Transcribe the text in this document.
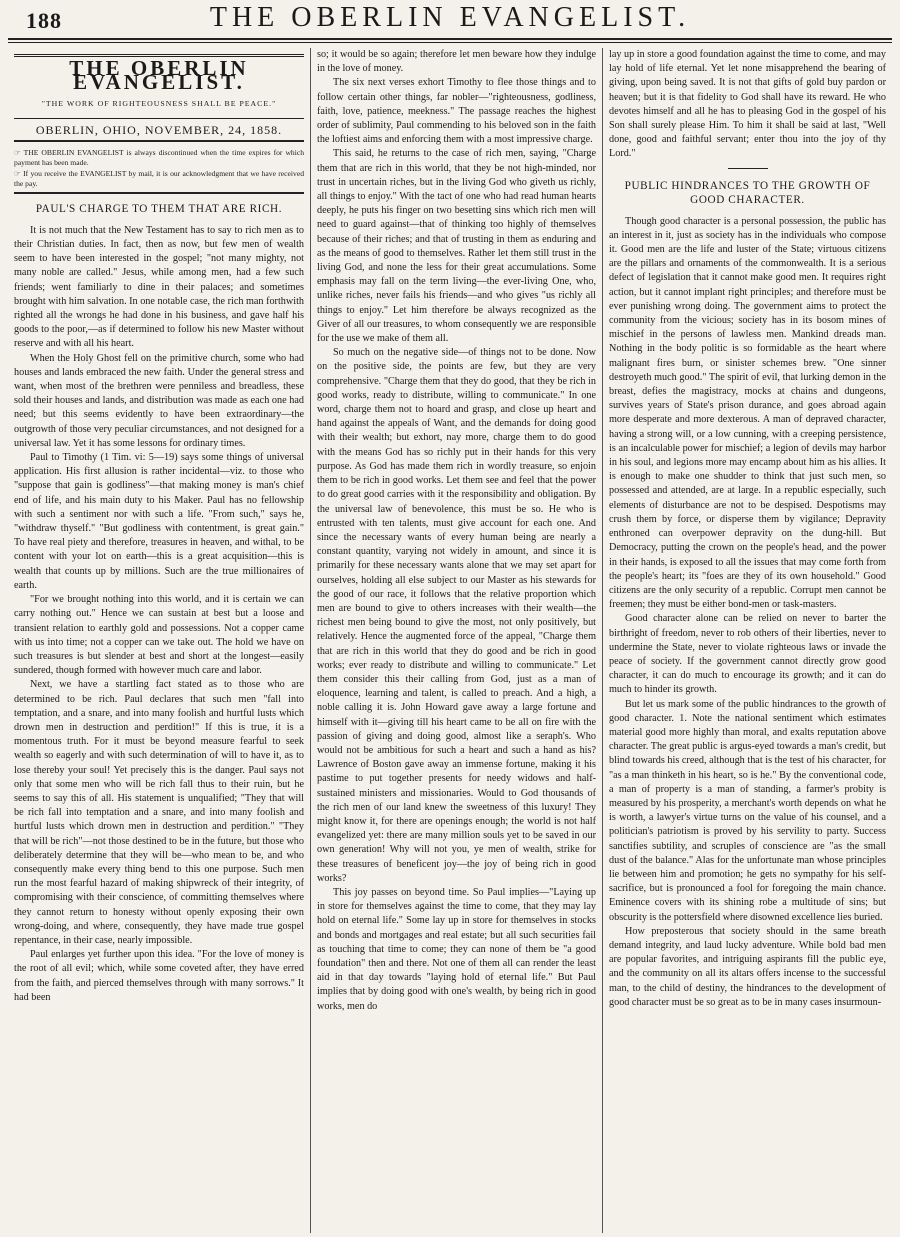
188	THE OBERLIN EVANGELIST.
THE OBERLIN EVANGELIST.
"THE WORK OF RIGHTEOUSNESS SHALL BE PEACE."
OBERLIN, OHIO, NOVEMBER, 24, 1858.

☞ THE OBERLIN EVANGELIST is always discontinued when the time expires for which payment has been made.

☞ If you receive the EVANGELIST by mail, it is our acknowledgment that we have received the pay.

PAUL'S CHARGE TO THEM THAT ARE RICH.

It is not much that the New Testament has to say to rich men as to their Christian duties. In fact, then as now, but few men of wealth seem to have been interested in the gospel; "not many mighty, not many noble are called." Jesus, while among men, had a few such friends; went familiarly to dine in their palaces; and sometimes brought with him salvation. In one notable case, the rich man forthwith righted all the wrongs he had done in his business, and gave half his goods to the poor,—as if determined to follow his new Master without reserve and with all his heart.

When the Holy Ghost fell on the primitive church, some who had houses and lands embraced the new faith. Under the general stress and want, when most of the brethren were penniless and breadless, these sold their houses and lands, and distribution was made as each one had need; but this seems evidently to have been extraordinary—the outgrowth of those very peculiar circumstances, and not designed for a universal law. Yet it has some lessons for ordinary times.

Paul to Timothy (1 Tim. vi: 5—19) says some things of universal application. His first allusion is rather incidental—viz. to those who "suppose that gain is godliness"—that making money is man's chief end of life, and his main duty to his Maker. Paul has no fellowship with such a sentiment nor with such a life. "From such," says he, "withdraw thyself." "But godliness with contentment, is great gain." To have real piety and therefore, treasures in heaven, and withal, to be content with your lot on earth—this is a great acquisition—this is wealth that counts up by millions. Such are the true millionaires of earth.

"For we brought nothing into this world, and it is certain we can carry nothing out." Hence we can sustain at best but a loose and transient relation to earthly gold and possessions. Not a copper came with us into time; not a copper can we take out. The hold we have on such treasures is but slender at best and short at the longest—easily sundered, though formed with however much care and labor.

Next, we have a startling fact stated as to those who are determined to be rich. Paul declares that such men "fall into temptation, and a snare, and into many foolish and hurtful lusts which drown men in destruction and perdition!" If this is true, it is a momentous truth. For it must be beyond measure fearful to seek wealth so eagerly and with such determination of will to have it, as to lose thereby your soul! Yet precisely this is the danger. Paul says not only that some men who will be rich fall thus to their ruin, but he seems to say this of all. His statement is unqualified; "They that will be rich fall into temptation and a snare, and into many foolish and hurtful lusts which drown men in destruction and perdition." "They that will be rich"—not those destined to be in the future, but those who deliberately determine that they will be—who mean to be, and who consequently make every thing bend to this one purpose. Such men run the most fearful hazard of making shipwreck of their integrity, of compromising with their conscience, of committing themselves where they cannot return to honesty without openly exposing their own wrong-doing, and where, consequently, they have made true gospel repentance, in their case, nearly impossible.

Paul enlarges yet further upon this idea. "For the love of money is the root of all evil; which, while some coveted after, they have erred from the faith, and pierced themselves through with many sorrows." It had been

so; it would be so again; therefore let men beware how they indulge in the love of money.

The six next verses exhort Timothy to flee those things and to follow certain other things, far nobler—"righteousness, godliness, faith, love, patience, meekness." The passage reaches the highest order of sublimity, Paul commending to his beloved son in the faith the loftiest aims and enforcing them with a most impressive charge.

This said, he returns to the case of rich men, saying, "Charge them that are rich in this world, that they be not high-minded, nor trust in uncertain riches, but in the living God who giveth us richly, all things to enjoy." With the tact of one who had read human hearts deeply, he puts his finger on two besetting sins which rich men will need to guard against—that of thinking too highly of themselves because of their riches; and that of trusting in them as enduring and as the means of good to themselves. Rather let them still trust in the living God, and none the less for their great accumulations. Some emphasis may fall on the term living—the ever-living One, who, unlike riches, never fails his friends—and who gives "us richly all things to enjoy." Let him therefore be always recognized as the Giver of all our treasures, to whom consequently we are responsible for the use we make of them all.

So much on the negative side—of things not to be done. Now on the positive side, the points are few, but they are very comprehensive. "Charge them that they do good, that they be rich in good works, ready to distribute, willing to communicate." In one word, charge them not to hoard and grasp, and close up heart and hand against the appeals of Want, and the demands for doing good with their wealth; but exhort, nay more, charge them to do good with the means God has so richly put in their hands for this very purpose. As God has made them rich in wordly treasure, so enjoin them to be rich in good works. Let them see and feel that the power to do great good carries with it the responsibility and obligation. By the universal law of benevolence, this must be so. He who is entrusted with ten talents, must give account for each one. And since the necessary wants of every human being are nearly a constant quantity, varying not widely in amount, and since it is primarily for these necessary wants alone that we may set apart for ourselves, holding all else subject to our Master as his stewards for the good of our race, it follows that the relative proportion which men are bound to give to others increases with their wealth—the richest men being bound to give the most, not only positively, but relatively. Hence the augmented force of the appeal, "Charge them that are rich in this world that they do good and be rich in good works; ever ready to distribute and willing to communicate." Let them consider this their calling from God, just as a man of eloquence, learning and talent, is called to preach. And a high, a noble calling it is. John Howard gave away a large fortune and himself with it—giving till his heart came to be all on fire with the passion of giving and doing good, almost like a seraph's. Who would not be ambitious for such a heart and such a hand as his? Lawrence of Boston gave away an immense fortune, making it his pastime to put together presents for needy widows and half-sustained ministers and missionaries. Would to God thousands of the rich men of our land knew the sweetness of this luxury! They might know it, for there are openings enough; the world is not half evangelized yet: there are many million souls yet to be saved in our own generation! Why will not you, ye men of wealth, strike for these treasures of beneficent joy—the joy of being rich in good works?

This joy passes on beyond time. So Paul implies—"Laying up in store for themselves against the time to come, that they may lay hold on eternal life." Some lay up in store for themselves in stocks and bonds and mortgages and real estate; but all such securities fail as touching that time to come; they can none of them be "a good foundation" then and there. Not one of them all can render the least aid in that day towards "laying hold of eternal life." But Paul implies that by doing good with one's wealth, by being rich in good works, men do

lay up in store a good foundation against the time to come, and may lay hold of life eternal. Yet let none misapprehend the bearing of giving, upon being saved. It is not that gifts of gold buy pardon or heaven; but it is that fidelity to God shall have its reward. He who devotes himself and all he has to pleasing God in the gospel of his Son shall surely please Him. To him it shall be said at last, "Well done, good and faithful servant; enter thou into the joy of thy Lord."

PUBLIC HINDRANCES TO THE GROWTH OF GOOD CHARACTER.

Though good character is a personal possession, the public has an interest in it, just as society has in the individuals who compose it. Good men are the life and luster of the State; virtuous citizens are the pillars and ornaments of the commonwealth. It is a serious defect of legislation that it cannot make good men. It requires right action, but it cannot implant right principles; and therefore must be ever punishing wrong doing. The government aims to protect the community from the vicious; society has in its bosom mines of mischief in the persons of lawless men. Mankind dreads man. Nothing in the body politic is so formidable as the heart where malignant fires burn, or sinister schemes brew. "One sinner destroyeth much good." The spirit of evil, that lurking demon in the breast, defies the magistracy, mocks at chains and dungeons, survives years of State's prison durance, and goes abroad again more desperate and more dexterous. A man of depraved character, having a strong will, or a low cunning, with a creeping persistence, is an incalculable power for mischief; a legion of devils may harbor in his soul, and legions more may encamp about him as his allies. It is enough to make one shudder to think that just such men, so possessed and attended, are at large. In a republic especially, such elements of disturbance are not to be despised. Despotisms may crush them by force, or disperse them by vigilance; Depravity enthroned can overpower depravity on the dung-hill. But Democracy, putting the crown on the people's head, and the power in their hands, is exposed to all the issues that may come forth from the people's heart; its "foes are they of its own household." Good citizens are the only security of a republic. Corrupt men cannot be freemen; they must be either bond-men or task-masters.

Good character alone can be relied on never to barter the birthright of freedom, never to rob others of their liberties, never to undermine the State, never to violate righteous laws or invade the peace of society. If the government cannot directly grow good character, it can do much to encourage its growth; and it can do much to hinder its growth.

But let us mark some of the public hindrances to the growth of good character. 1. Note the national sentiment which estimates material good more highly than moral, and exalts reputation above character. The great public is argus-eyed towards a man's credit, but blind towards his creed, although that is the test of his character, for "as a man thinketh in his heart, so is he." By the conventional code, a man of property is a man of standing, a farmer's probity is measured by his prosperity, a merchant's worth depends on what he is worth, a lawyer's virtue turns on the value of his counsel, and a politician's patriotism is proved by his servility to party. Success sanctifies subtility, and scruples of conscience are "as the small dust of the balance." Alas for the unfortunate man whose principles lie between him and promotion; he gets no sympathy for his self-sacrifice, but is pronounced a fool for foregoing the main chance. Eminence covers with its shining robe a multitude of sins; but obscurity is the pottersfield where disowned excellence lies buried.

How preposterous that society should in the same breath demand integrity, and laud lucky adventure. While bold bad men are popular favorites, and intriguing aspirants fill the public eye, and the community on all its altars offers incense to the successful man, to the child of destiny, the hindrances to the development of good character must be so great as to be in many cases insurmoun-
